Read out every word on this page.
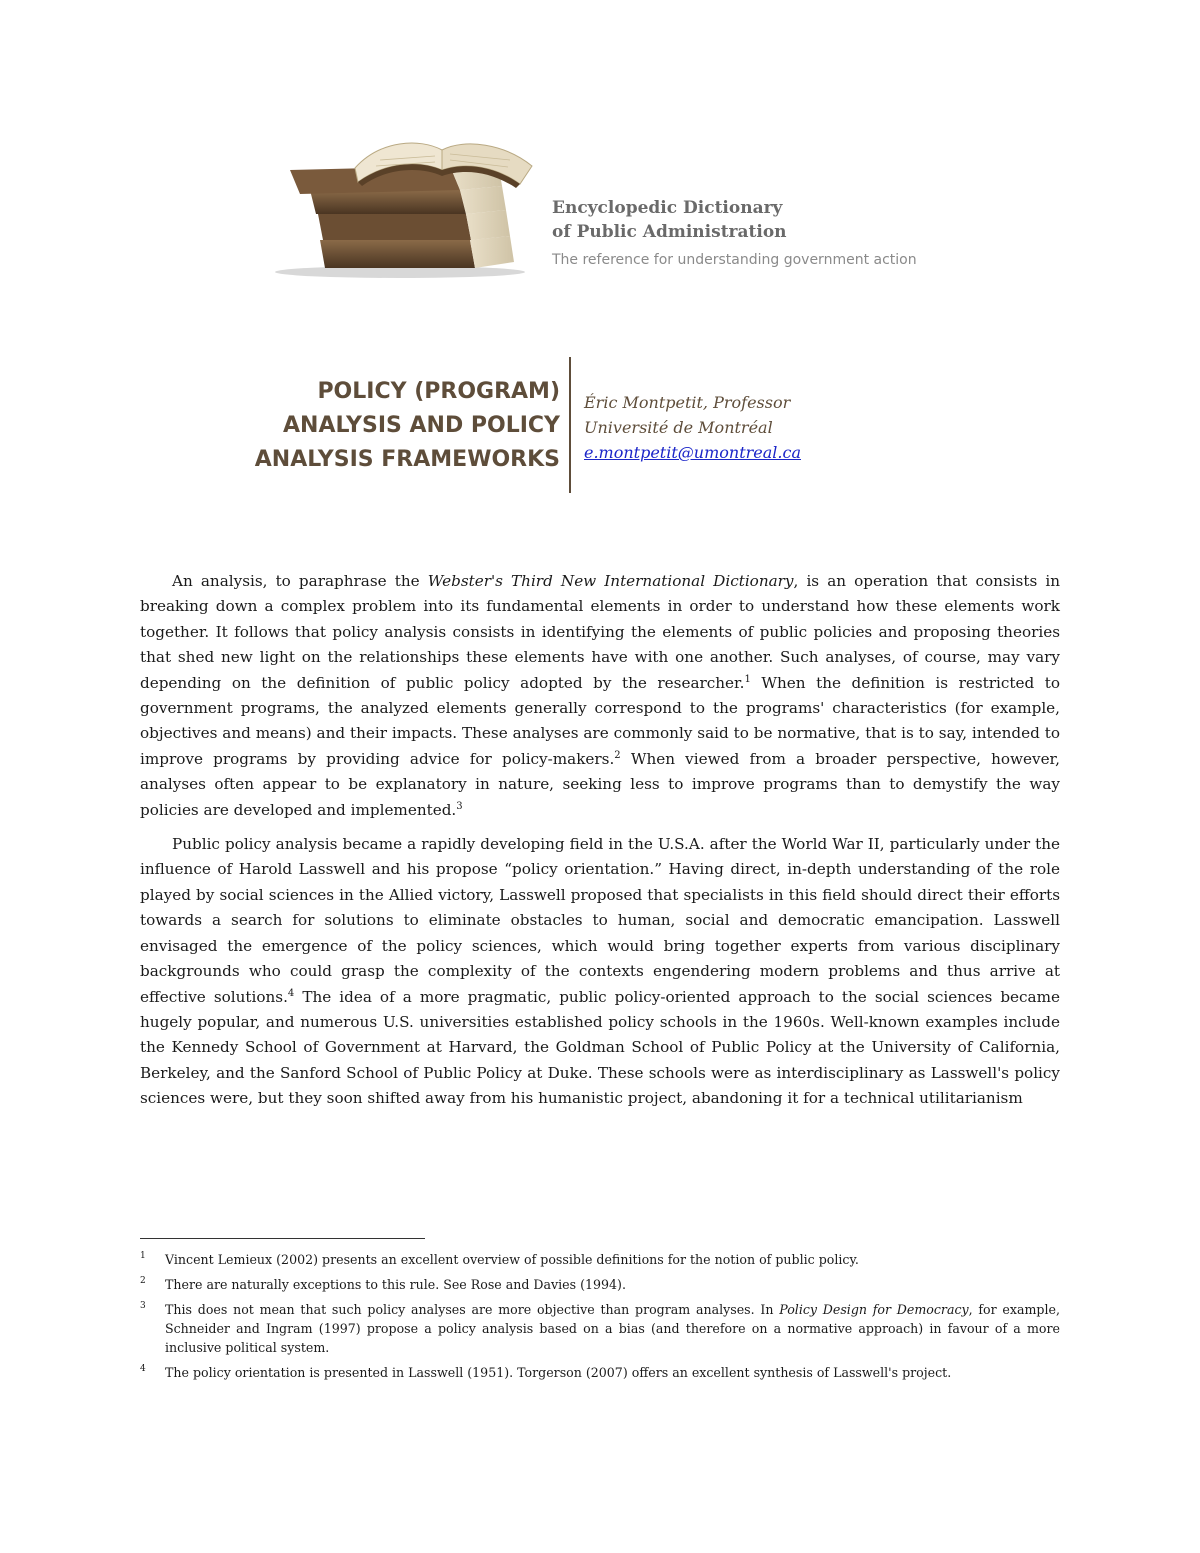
Encyclopedic Dictionary
of Public Administration
The reference for understanding government action
POLICY (PROGRAM)
ANALYSIS AND POLICY
ANALYSIS FRAMEWORKS
Éric Montpetit, Professor
Université de Montréal
e.montpetit@umontreal.ca

An analysis, to paraphrase the Webster's Third New International Dictionary, is an operation that consists in breaking down a complex problem into its fundamental elements in order to understand how these elements work together. It follows that policy analysis consists in identifying the elements of public policies and proposing theories that shed new light on the relationships these elements have with one another. Such analyses, of course, may vary depending on the definition of public policy adopted by the researcher.$^1$ When the definition is restricted to government programs, the analyzed elements generally correspond to the programs' characteristics (for example, objectives and means) and their impacts. These analyses are commonly said to be normative, that is to say, intended to improve programs by providing advice for policy-makers.$^2$ When viewed from a broader perspective, however, analyses often appear to be explanatory in nature, seeking less to improve programs than to demystify the way policies are developed and implemented.$^3$

Public policy analysis became a rapidly developing field in the U.S.A. after the World War II, particularly under the influence of Harold Lasswell and his propose “policy orientation.” Having direct, in-depth understanding of the role played by social sciences in the Allied victory, Lasswell proposed that specialists in this field should direct their efforts towards a search for solutions to eliminate obstacles to human, social and democratic emancipation. Lasswell envisaged the emergence of the policy sciences, which would bring together experts from various disciplinary backgrounds who could grasp the complexity of the contexts engendering modern problems and thus arrive at effective solutions.$^4$ The idea of a more pragmatic, public policy-oriented approach to the social sciences became hugely popular, and numerous U.S. universities established policy schools in the 1960s. Well-known examples include the Kennedy School of Government at Harvard, the Goldman School of Public Policy at the University of California, Berkeley, and the Sanford School of Public Policy at Duke. These schools were as interdisciplinary as Lasswell's policy sciences were, but they soon shifted away from his humanistic project, abandoning it for a technical utilitarianism

1 Vincent Lemieux (2002) presents an excellent overview of possible definitions for the notion of public policy.
2 There are naturally exceptions to this rule. See Rose and Davies (1994).
3 This does not mean that such policy analyses are more objective than program analyses. In Policy Design for Democracy, for example, Schneider and Ingram (1997) propose a policy analysis based on a bias (and therefore on a normative approach) in favour of a more inclusive political system.
4 The policy orientation is presented in Lasswell (1951). Torgerson (2007) offers an excellent synthesis of Lasswell's project.
